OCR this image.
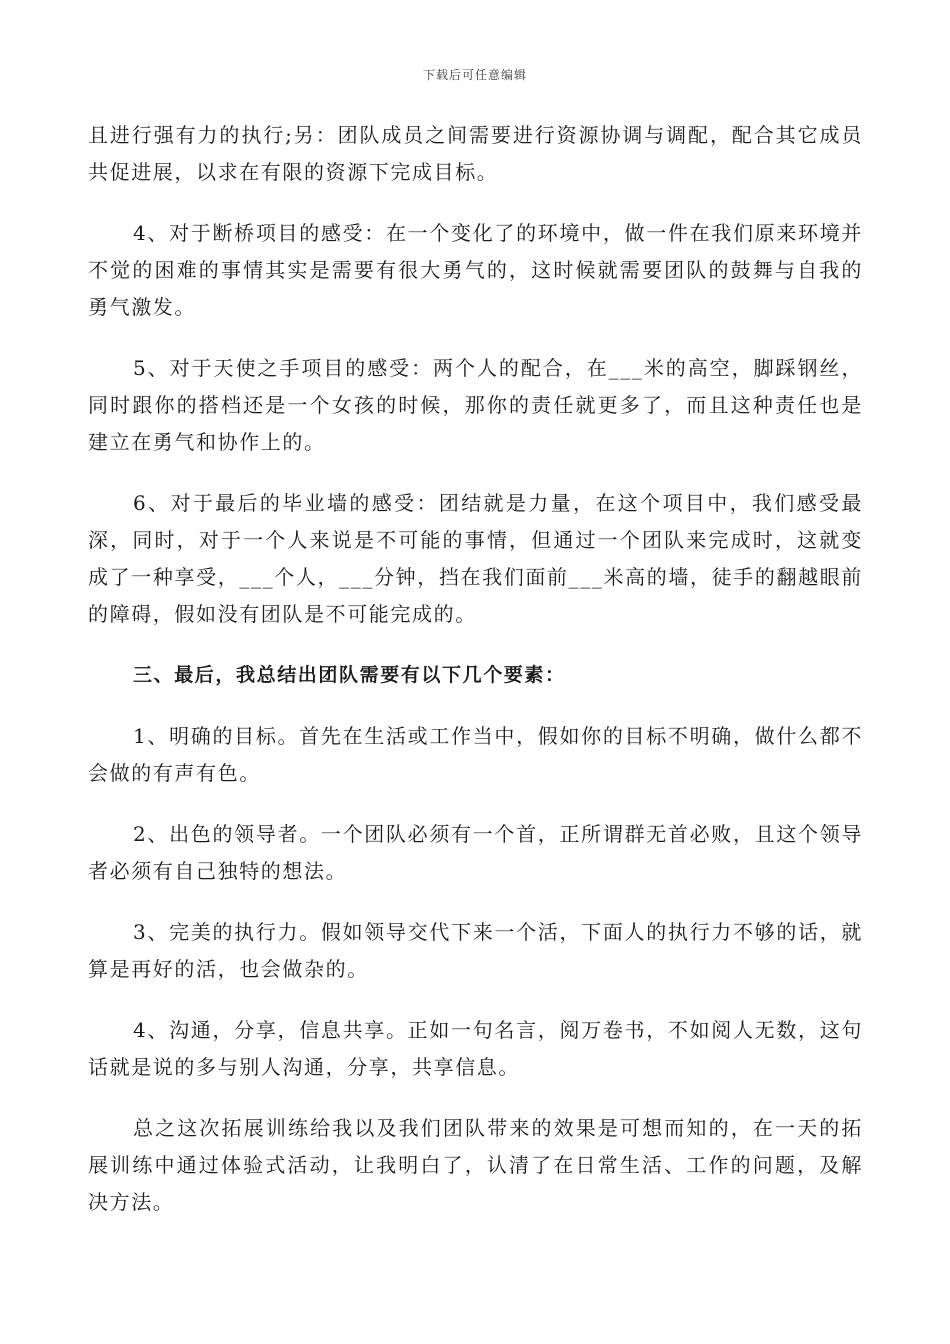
下载后可任意编辑

且进行强有力的执行;另：团队成员之间需要进行资源协调与调配，配合其它成员共促进展，以求在有限的资源下完成目标。

4、对于断桥项目的感受：在一个变化了的环境中，做一件在我们原来环境并不觉的困难的事情其实是需要有很大勇气的，这时候就需要团队的鼓舞与自我的勇气激发。

5、对于天使之手项目的感受：两个人的配合，在___米的高空，脚踩钢丝，同时跟你的搭档还是一个女孩的时候，那你的责任就更多了，而且这种责任也是建立在勇气和协作上的。

6、对于最后的毕业墙的感受：团结就是力量，在这个项目中，我们感受最深，同时，对于一个人来说是不可能的事情，但通过一个团队来完成时，这就变成了一种享受，___个人，___分钟，挡在我们面前___米高的墙，徒手的翻越眼前的障碍，假如没有团队是不可能完成的。

三、最后，我总结出团队需要有以下几个要素：

1、明确的目标。首先在生活或工作当中，假如你的目标不明确，做什么都不会做的有声有色。

2、出色的领导者。一个团队必须有一个首，正所谓群无首必败，且这个领导者必须有自己独特的想法。

3、完美的执行力。假如领导交代下来一个活，下面人的执行力不够的话，就算是再好的活，也会做杂的。

4、沟通，分享，信息共享。正如一句名言，阅万卷书，不如阅人无数，这句话就是说的多与别人沟通，分享，共享信息。

总之这次拓展训练给我以及我们团队带来的效果是可想而知的，在一天的拓展训练中通过体验式活动，让我明白了，认清了在日常生活、工作的问题，及解决方法。
